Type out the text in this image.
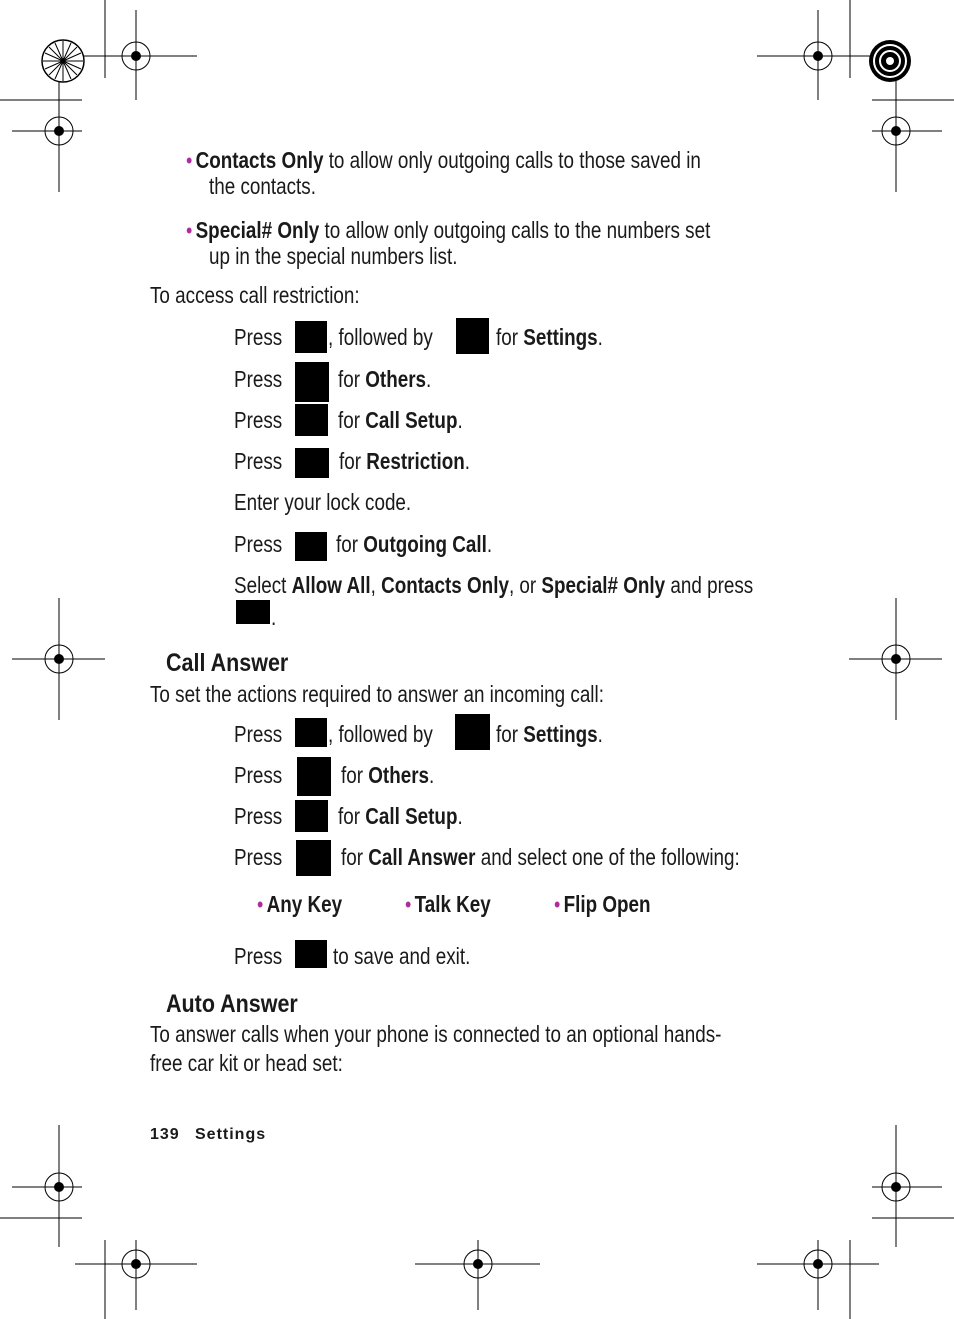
• Contacts Only to allow only outgoing calls to those saved in
the contacts.
• Special# Only to allow only outgoing calls to the numbers set
up in the special numbers list.
To access call restriction:
Press , followed by	for Settings.
Press for Others.
Press for Call Setup.
Press for Restriction.
Enter your lock code.
Press for Outgoing Call.
Select Allow All, Contacts Only, or Special# Only and press
.
Call Answer
To set the actions required to answer an incoming call:
Press , followed by	for Settings.
Press	for Others.
Press for Call Setup.
Press	for Call Answer and select one of the following:
• Any Key	• Talk Key	• Flip Open
Press to save and exit.
Auto Answer
To answer calls when your phone is connected to an optional hands-
free car kit or head set:
139 Settings
